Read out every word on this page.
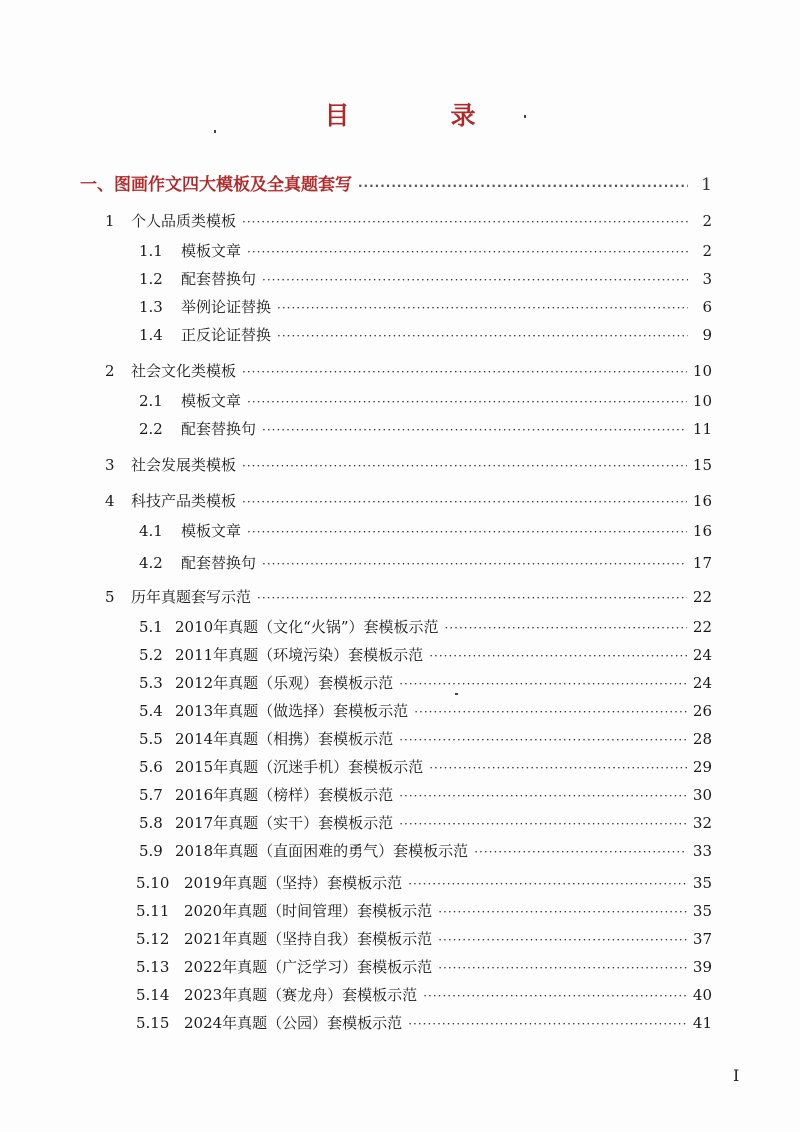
目　录
一、图画作文四大模板及全真题套写 ·····	1
1	个人品质类模板 ·····	2
1.1	模板文章 ·····	2
1.2	配套替换句 ·····	3
1.3	举例论证替换 ·····	6
1.4	正反论证替换 ·····	9
2	社会文化类模板 ·····	10
2.1	模板文章 ·····	10
2.2	配套替换句 ·····	11
3	社会发展类模板 ·····	15
4	科技产品类模板 ·····	16
4.1	模板文章 ·····	16
4.2	配套替换句 ·····	17
5	历年真题套写示范 ·····	22
5.1 2010年真题（文化“火锅”）套模板示范 ·····	22
5.2 2011年真题（环境污染）套模板示范 ·····	24
5.3 2012年真题（乐观）套模板示范 ·····	24
5.4 2013年真题（做选择）套模板示范 ·····	26
5.5 2014年真题（相携）套模板示范 ·····	28
5.6 2015年真题（沉迷手机）套模板示范 ·····	29
5.7 2016年真题（榜样）套模板示范 ·····	30
5.8 2017年真题（实干）套模板示范 ·····	32
5.9 2018年真题（直面困难的勇气）套模板示范 ·····	33
5.10 2019年真题（坚持）套模板示范 ·····	35
5.11 2020年真题（时间管理）套模板示范 ·····	35
5.12 2021年真题（坚持自我）套模板示范 ·····	37
5.13 2022年真题（广泛学习）套模板示范 ·····	39
5.14 2023年真题（赛龙舟）套模板示范 ·····	40
5.15 2024年真题（公园）套模板示范 ·····	41
I
